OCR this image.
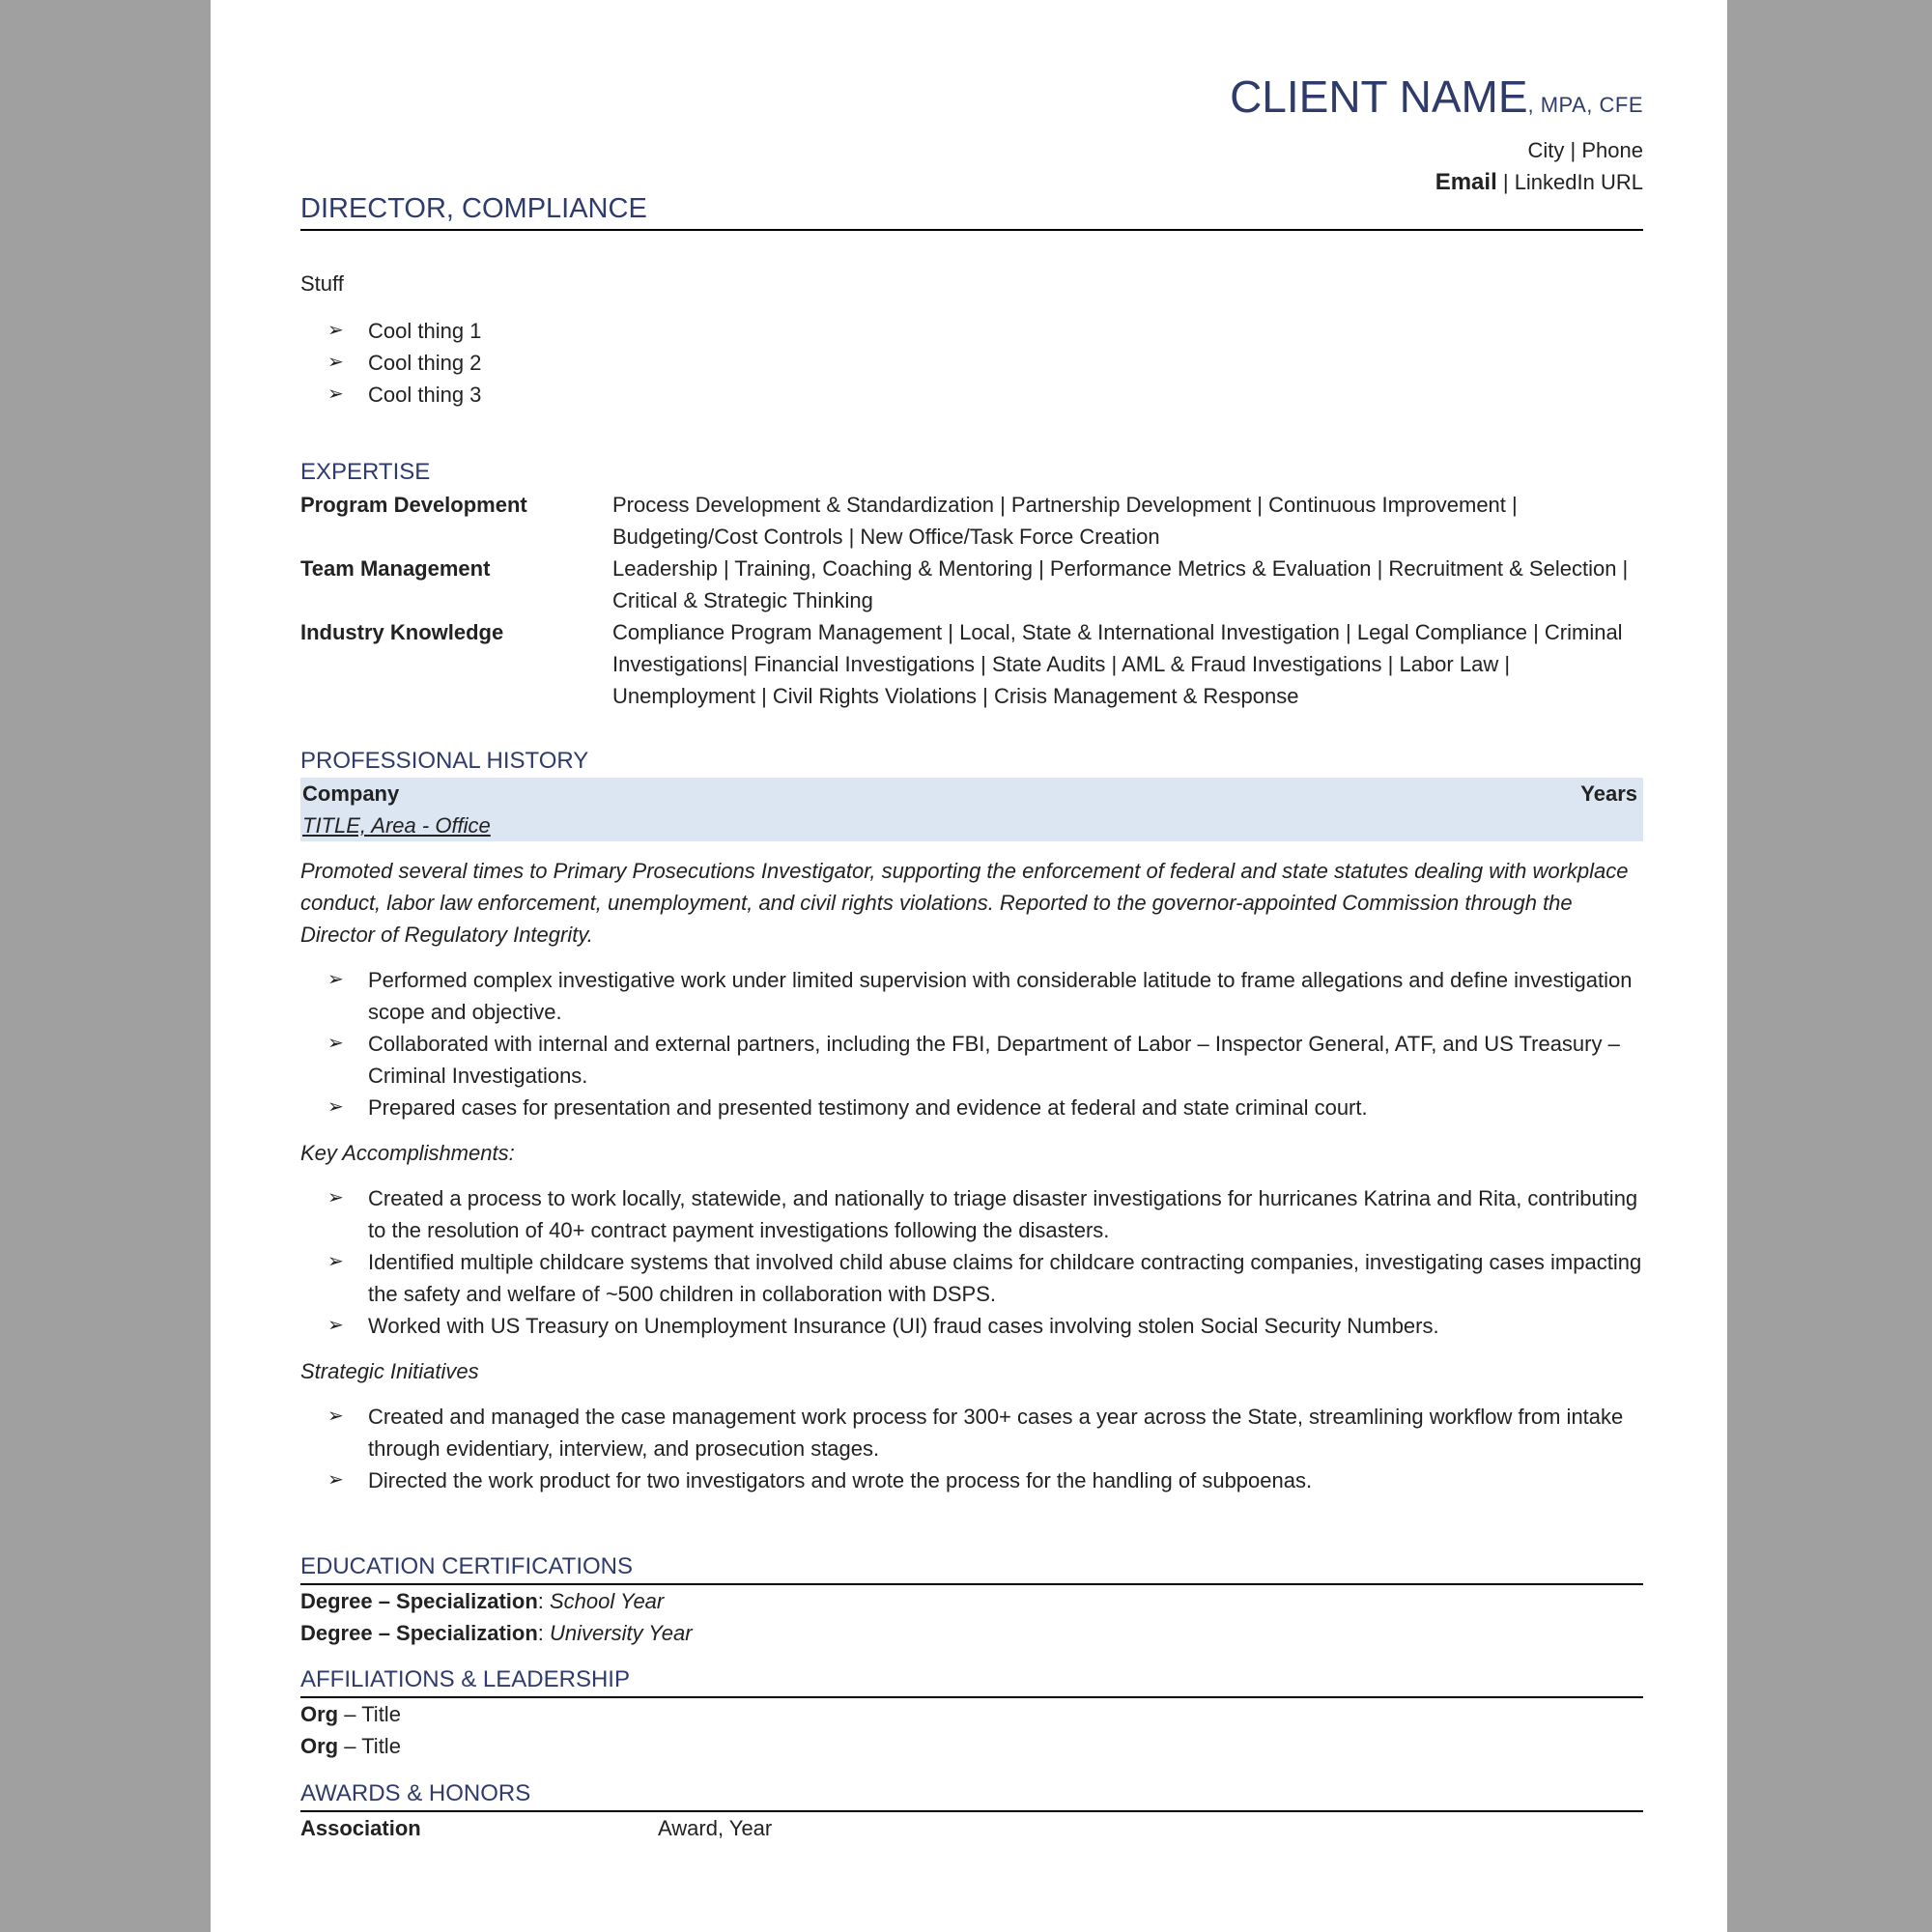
CLIENT NAME, MPA, CFE
City | Phone
Email | LinkedIn URL
DIRECTOR, COMPLIANCE
Stuff
➢ Cool thing 1
➢ Cool thing 2
➢ Cool thing 3
EXPERTISE
Program Development	Process Development & Standardization | Partnership Development | Continuous Improvement | Budgeting/Cost Controls | New Office/Task Force Creation
Team Management	Leadership | Training, Coaching & Mentoring | Performance Metrics & Evaluation | Recruitment & Selection | Critical & Strategic Thinking
Industry Knowledge	Compliance Program Management | Local, State & International Investigation | Legal Compliance | Criminal Investigations| Financial Investigations | State Audits | AML & Fraud Investigations | Labor Law | Unemployment | Civil Rights Violations | Crisis Management & Response
PROFESSIONAL HISTORY
Company	Years
TITLE, Area - Office
Promoted several times to Primary Prosecutions Investigator, supporting the enforcement of federal and state statutes dealing with workplace conduct, labor law enforcement, unemployment, and civil rights violations. Reported to the governor-appointed Commission through the Director of Regulatory Integrity.
➢ Performed complex investigative work under limited supervision with considerable latitude to frame allegations and define investigation scope and objective.
➢ Collaborated with internal and external partners, including the FBI, Department of Labor – Inspector General, ATF, and US Treasury – Criminal Investigations.
➢ Prepared cases for presentation and presented testimony and evidence at federal and state criminal court.
Key Accomplishments:
➢ Created a process to work locally, statewide, and nationally to triage disaster investigations for hurricanes Katrina and Rita, contributing to the resolution of 40+ contract payment investigations following the disasters.
➢ Identified multiple childcare systems that involved child abuse claims for childcare contracting companies, investigating cases impacting the safety and welfare of ~500 children in collaboration with DSPS.
➢ Worked with US Treasury on Unemployment Insurance (UI) fraud cases involving stolen Social Security Numbers.
Strategic Initiatives
➢ Created and managed the case management work process for 300+ cases a year across the State, streamlining workflow from intake through evidentiary, interview, and prosecution stages.
➢ Directed the work product for two investigators and wrote the process for the handling of subpoenas.
EDUCATION CERTIFICATIONS
Degree – Specialization: School Year
Degree – Specialization: University Year
AFFILIATIONS & LEADERSHIP
Org – Title
Org – Title
AWARDS & HONORS
Association	Award, Year
